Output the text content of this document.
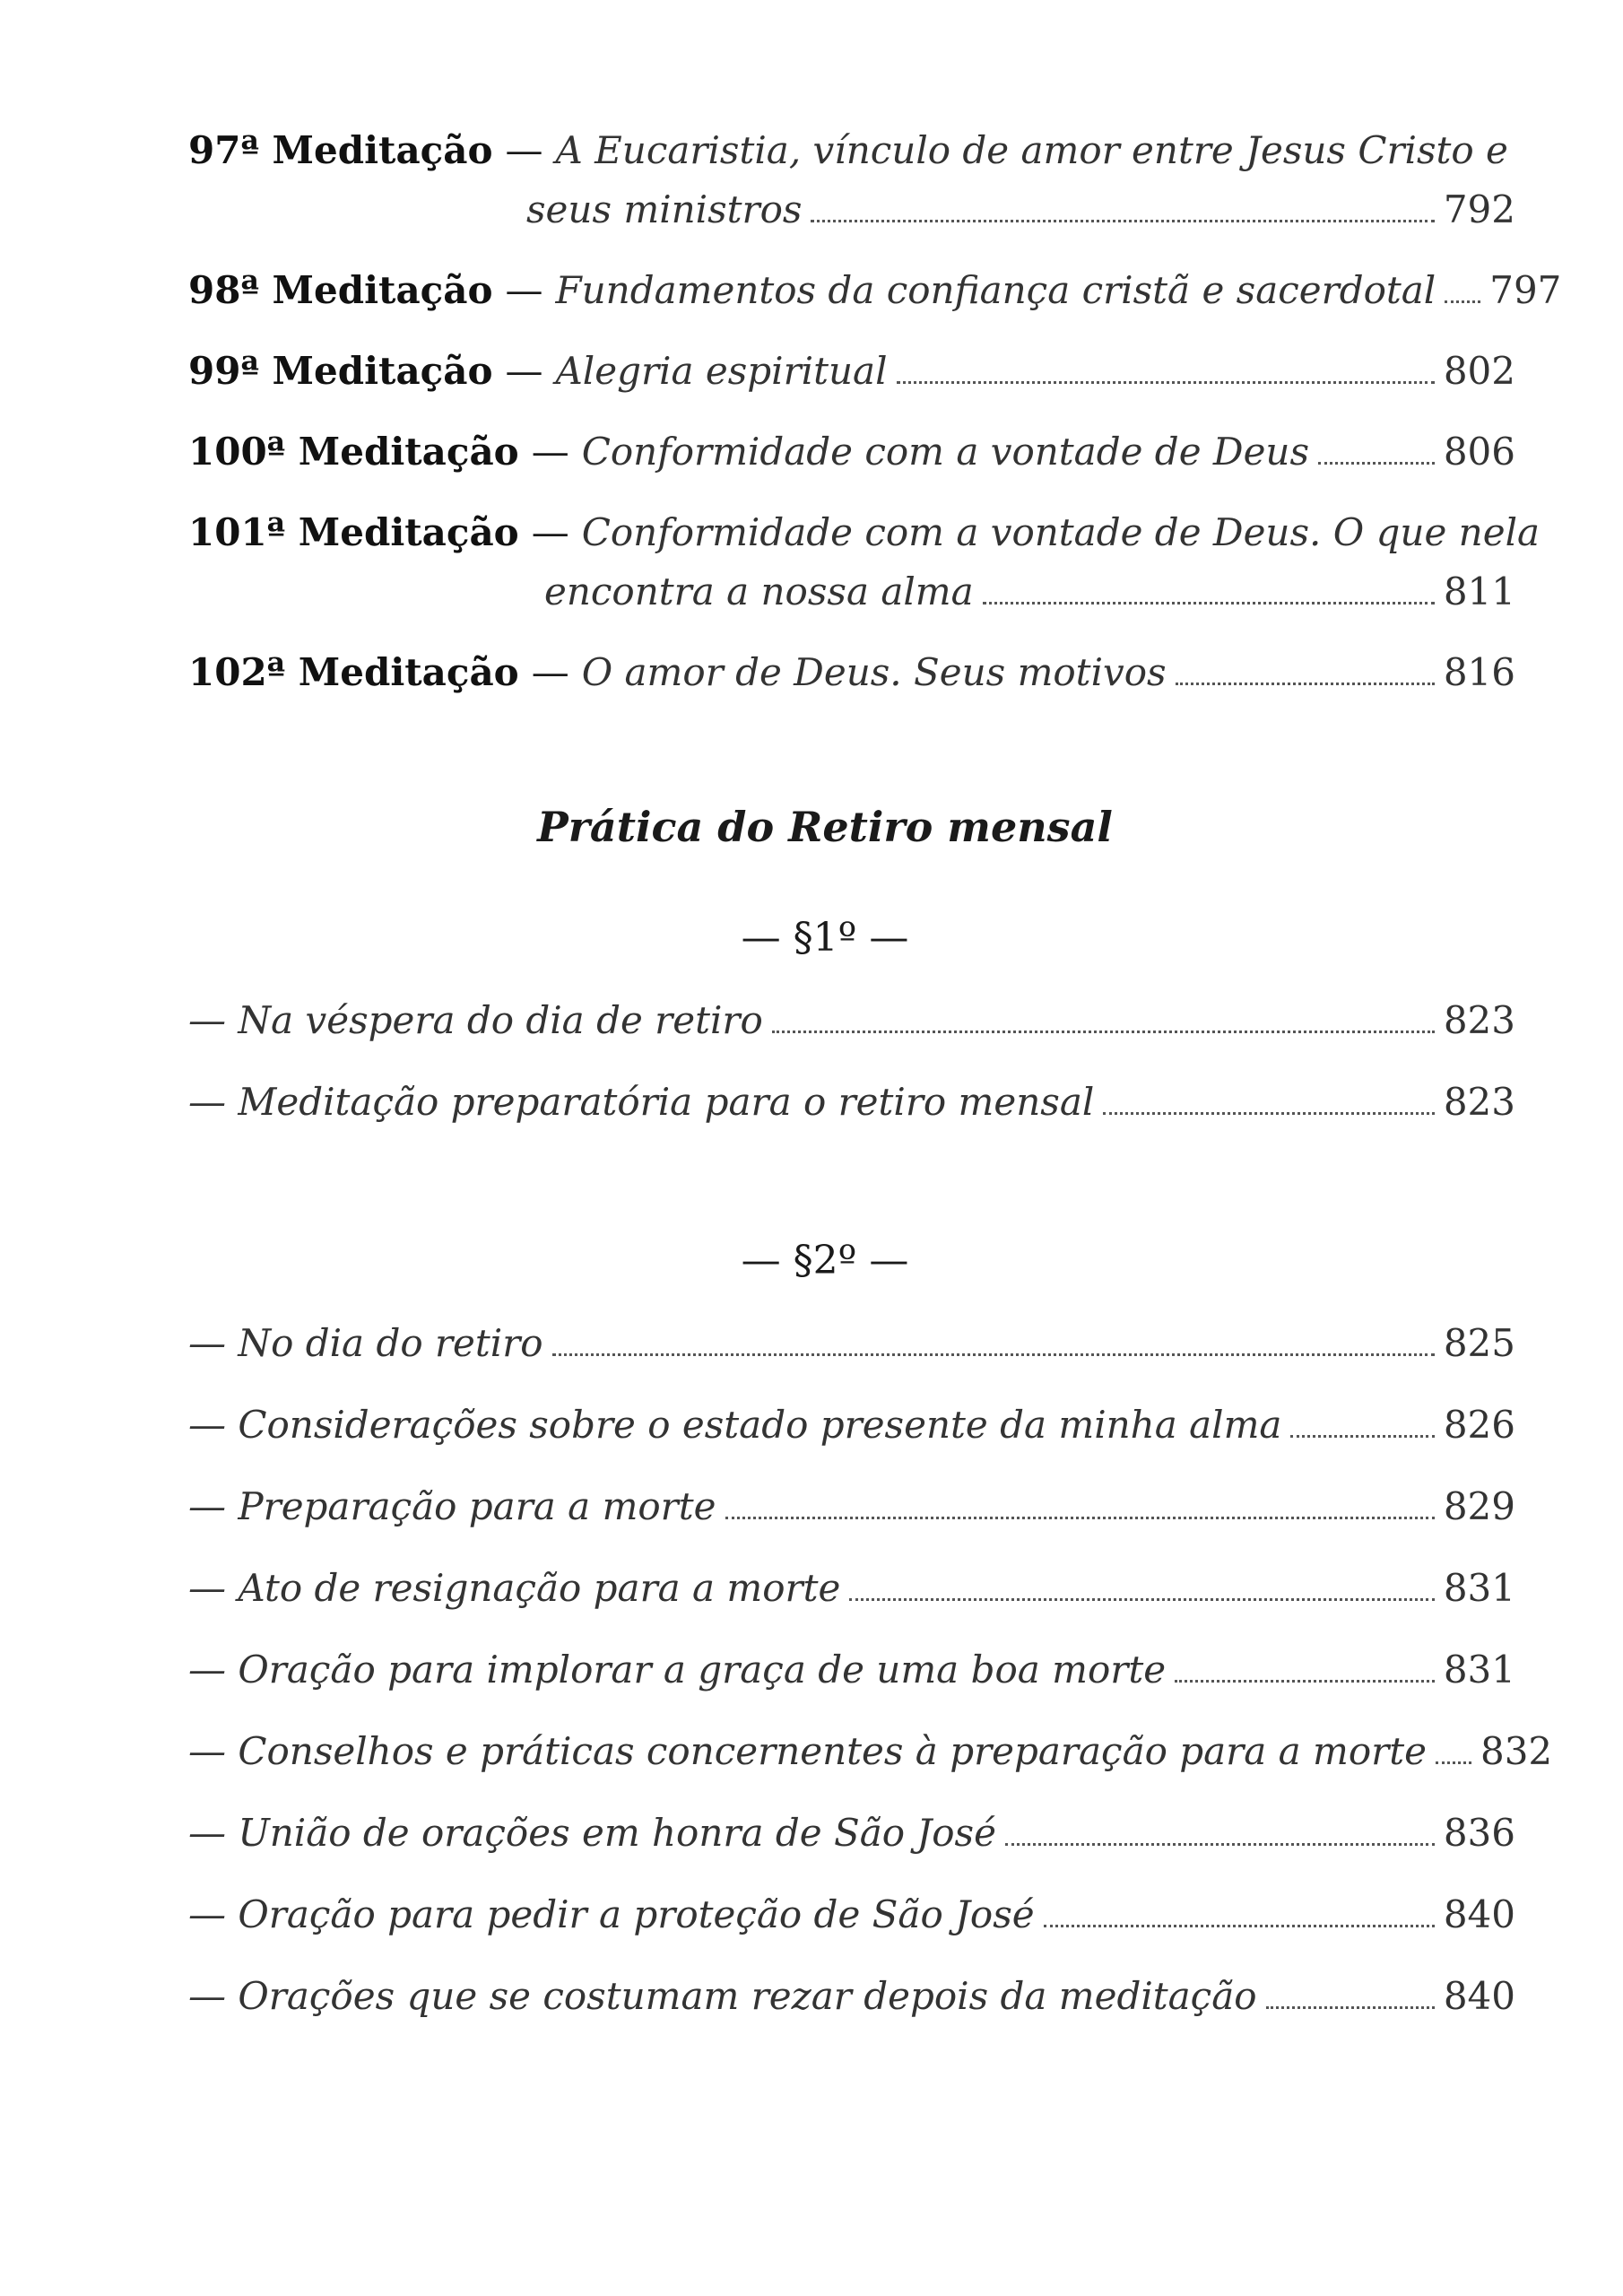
97ª Meditação — A Eucaristia, vínculo de amor entre Jesus Cristo e
seus ministros	792
98ª Meditação — Fundamentos da confiança cristã e sacerdotal 797
99ª Meditação — Alegria espiritual	802
100ª Meditação — Conformidade com a vontade de Deus	806
101ª Meditação — Conformidade com a vontade de Deus. O que nela
encontra a nossa alma	811
102ª Meditação — O amor de Deus. Seus motivos	816
Prática do Retiro mensal
— §1º —
— Na véspera do dia de retiro	823
— Meditação preparatória para o retiro mensal	823
— §2º —
— No dia do retiro	825
— Considerações sobre o estado presente da minha alma	826
— Preparação para a morte	829
— Ato de resignação para a morte	831
— Oração para implorar a graça de uma boa morte	831
— Conselhos e práticas concernentes à preparação para a morte 832
— União de orações em honra de São José	836
— Oração para pedir a proteção de São José	840
— Orações que se costumam rezar depois da meditação	840
